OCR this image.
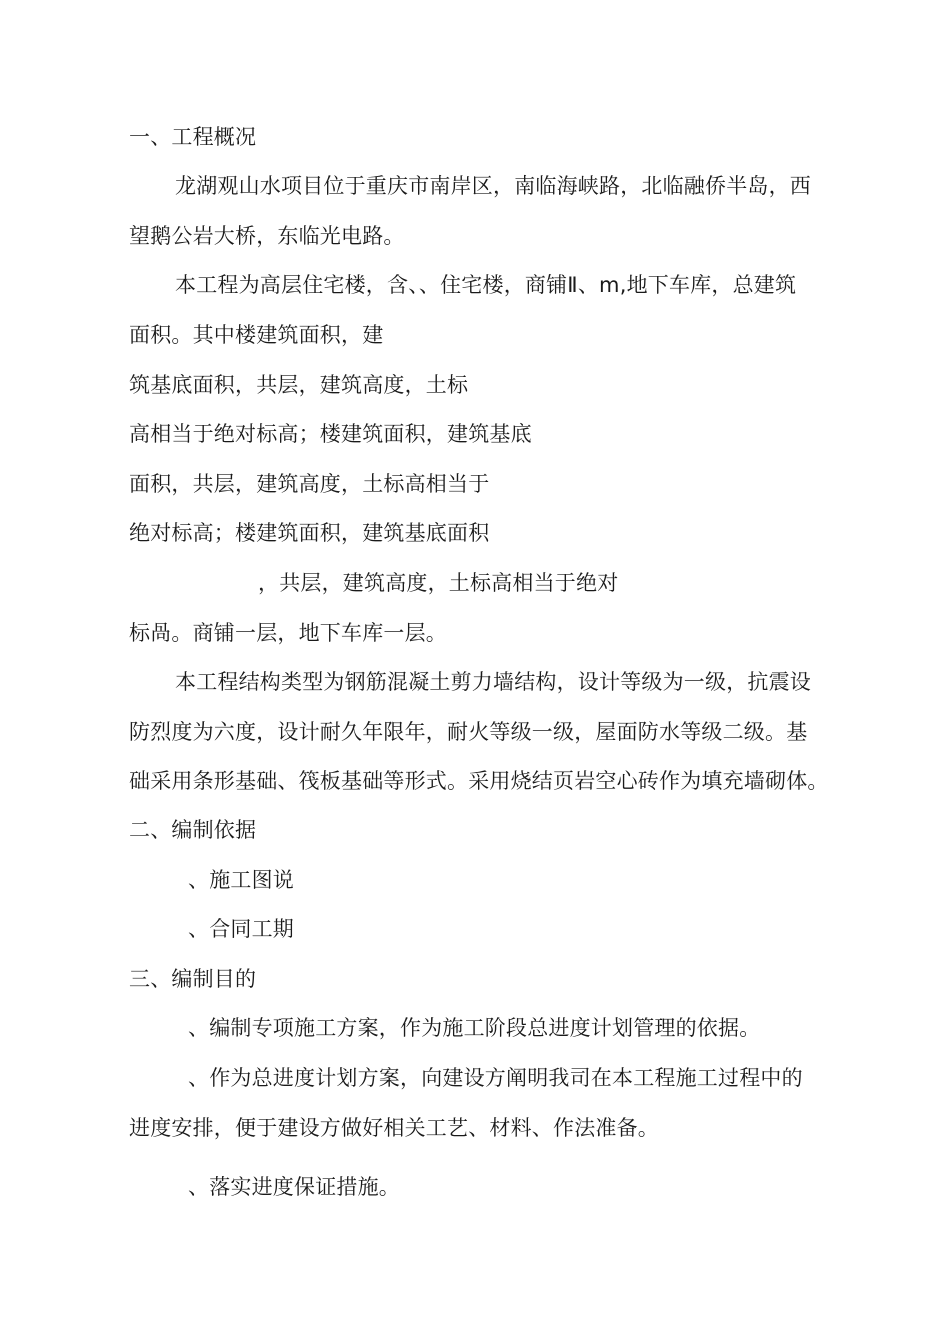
一、工程概况
龙湖观山水项目位于重庆市南岸区，南临海峡路，北临融侨半岛，西
望鹅公岩大桥，东临光电路。
本工程为高层住宅楼，含、、住宅楼，商铺Ⅱ、m,地下车库，总建筑
面积。其中楼建筑面积，建
筑基底面积，共层，建筑高度，土标
高相当于绝对标高；楼建筑面积，建筑基底
面积，共层，建筑高度，土标高相当于
绝对标高；楼建筑面积，建筑基底面积
，共层，建筑高度，土标高相当于绝对
标咼。商铺一层，地下车库一层。
本工程结构类型为钢筋混凝土剪力墙结构，设计等级为一级，抗震设
防烈度为六度，设计耐久年限年，耐火等级一级，屋面防水等级二级。基
础采用条形基础、筏板基础等形式。采用烧结页岩空心砖作为填充墙砌体。
二、编制依据
、施工图说
、合同工期
三、编制目的
、编制专项施工方案，作为施工阶段总进度计划管理的依据。
、作为总进度计划方案，向建设方阐明我司在本工程施工过程中的
进度安排，便于建设方做好相关工艺、材料、作法准备。
、落实进度保证措施。
